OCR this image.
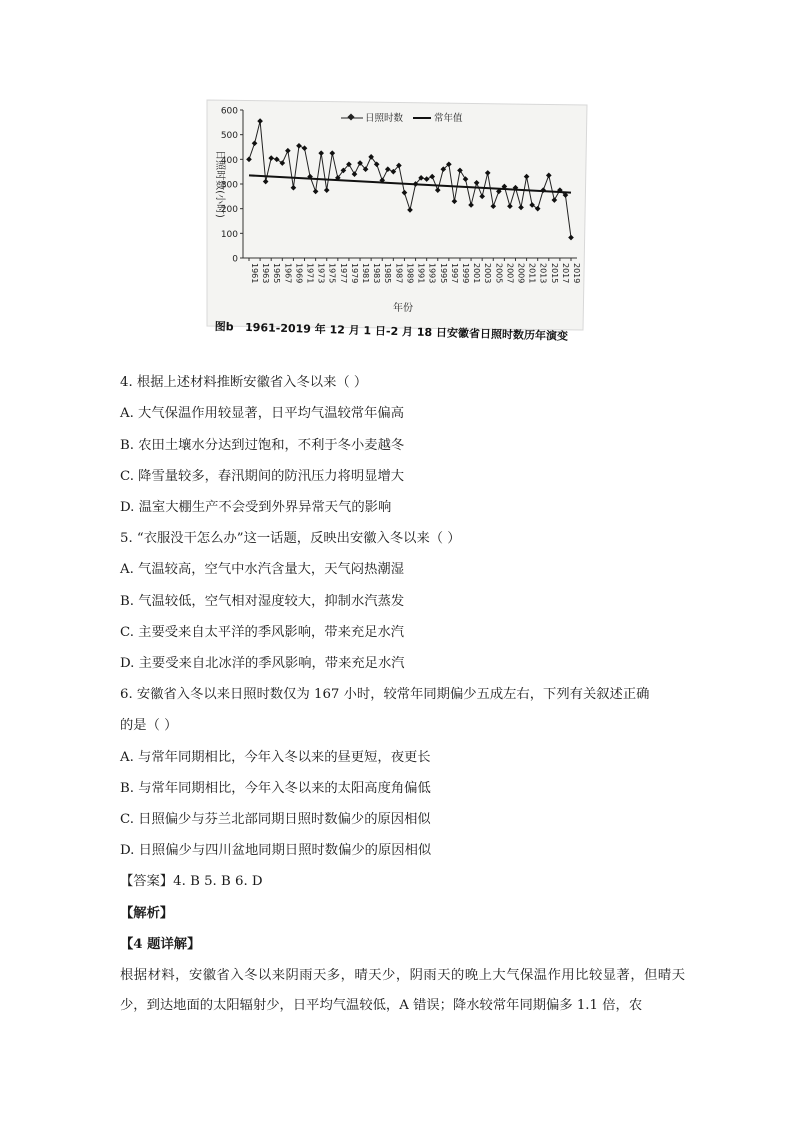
0
100
200
300
400
500
600
1961 1963 1965 1967 1969 1971 1973 1975 1977 1979 1981 1983 1985 1987 1989 1991 1993 1995 1997 1999 2001 2003 2005 2007 2009 2011 2013 2015 2017 2019
日照时数(小时)
年份
日照时数	常年值
图b 1961-2019 年 12 月 1 日-2 月 18 日安徽省日照时数历年演变
4. 根据上述材料推断安徽省入冬以来（ ）
A. 大气保温作用较显著，日平均气温较常年偏高
B. 农田土壤水分达到过饱和，不利于冬小麦越冬
C. 降雪量较多，春汛期间的防汛压力将明显增大
D. 温室大棚生产不会受到外界异常天气的影响
5. “衣服没干怎么办”这一话题，反映出安徽入冬以来（ ）
A. 气温较高，空气中水汽含量大，天气闷热潮湿
B. 气温较低，空气相对湿度较大，抑制水汽蒸发
C. 主要受来自太平洋的季风影响，带来充足水汽
D. 主要受来自北冰洋的季风影响，带来充足水汽
6. 安徽省入冬以来日照时数仅为 167 小时，较常年同期偏少五成左右，下列有关叙述正确
的是（ ）
A. 与常年同期相比，今年入冬以来的昼更短，夜更长
B. 与常年同期相比，今年入冬以来的太阳高度角偏低
C. 日照偏少与芬兰北部同期日照时数偏少的原因相似
D. 日照偏少与四川盆地同期日照时数偏少的原因相似
【答案】4. B 5. B 6. D
【解析】
【4 题详解】
根据材料，安徽省入冬以来阴雨天多，晴天少，阴雨天的晚上大气保温作用比较显著，但晴天少，到达地面的太阳辐射少，日平均气温较低，A 错误；降水较常年同期偏多 1.1 倍，农
